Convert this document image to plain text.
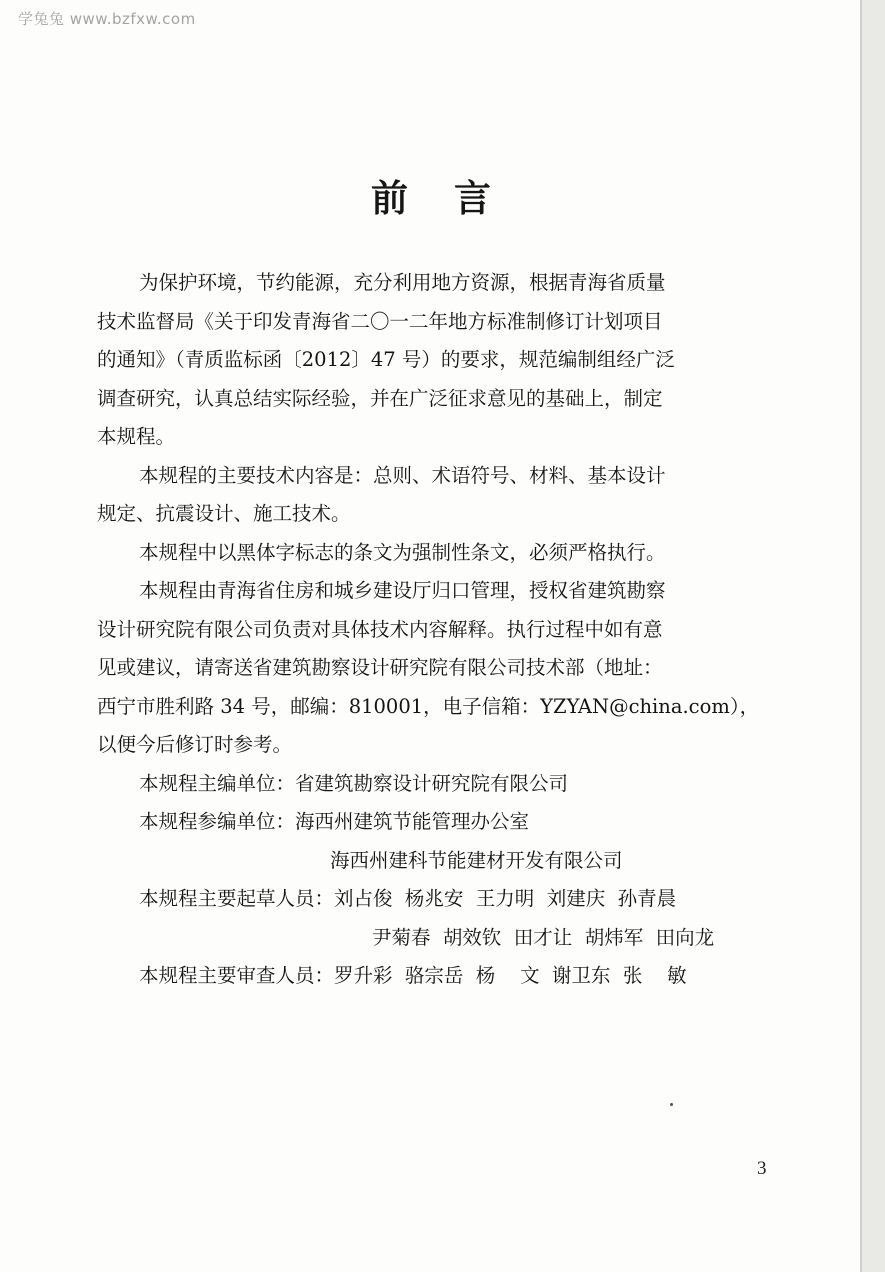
学兔兔 www.bzfxw.com
前言
为保护环境，节约能源，充分利用地方资源，根据青海省质量
技术监督局《关于印发青海省二〇一二年地方标准制修订计划项目
的通知》（青质监标函〔2012〕47 号）的要求，规范编制组经广泛
调查研究，认真总结实际经验，并在广泛征求意见的基础上，制定
本规程。
本规程的主要技术内容是：总则、术语符号、材料、基本设计
规定、抗震设计、施工技术。
本规程中以黑体字标志的条文为强制性条文，必须严格执行。
本规程由青海省住房和城乡建设厅归口管理，授权省建筑勘察
设计研究院有限公司负责对具体技术内容解释。执行过程中如有意
见或建议，请寄送省建筑勘察设计研究院有限公司技术部（地址：
西宁市胜利路 34 号，邮编：810001，电子信箱：YZYAN@china.com），
以便今后修订时参考。
本规程主编单位：省建筑勘察设计研究院有限公司
本规程参编单位：海西州建筑节能管理办公室
海西州建科节能建材开发有限公司
本规程主要起草人员：刘占俊  杨兆安  王力明  刘建庆  孙青晨
尹菊春  胡效钦  田才让  胡炜军  田向龙
本规程主要审查人员：罗升彩  骆宗岳  杨    文  谢卫东  张    敏
3
